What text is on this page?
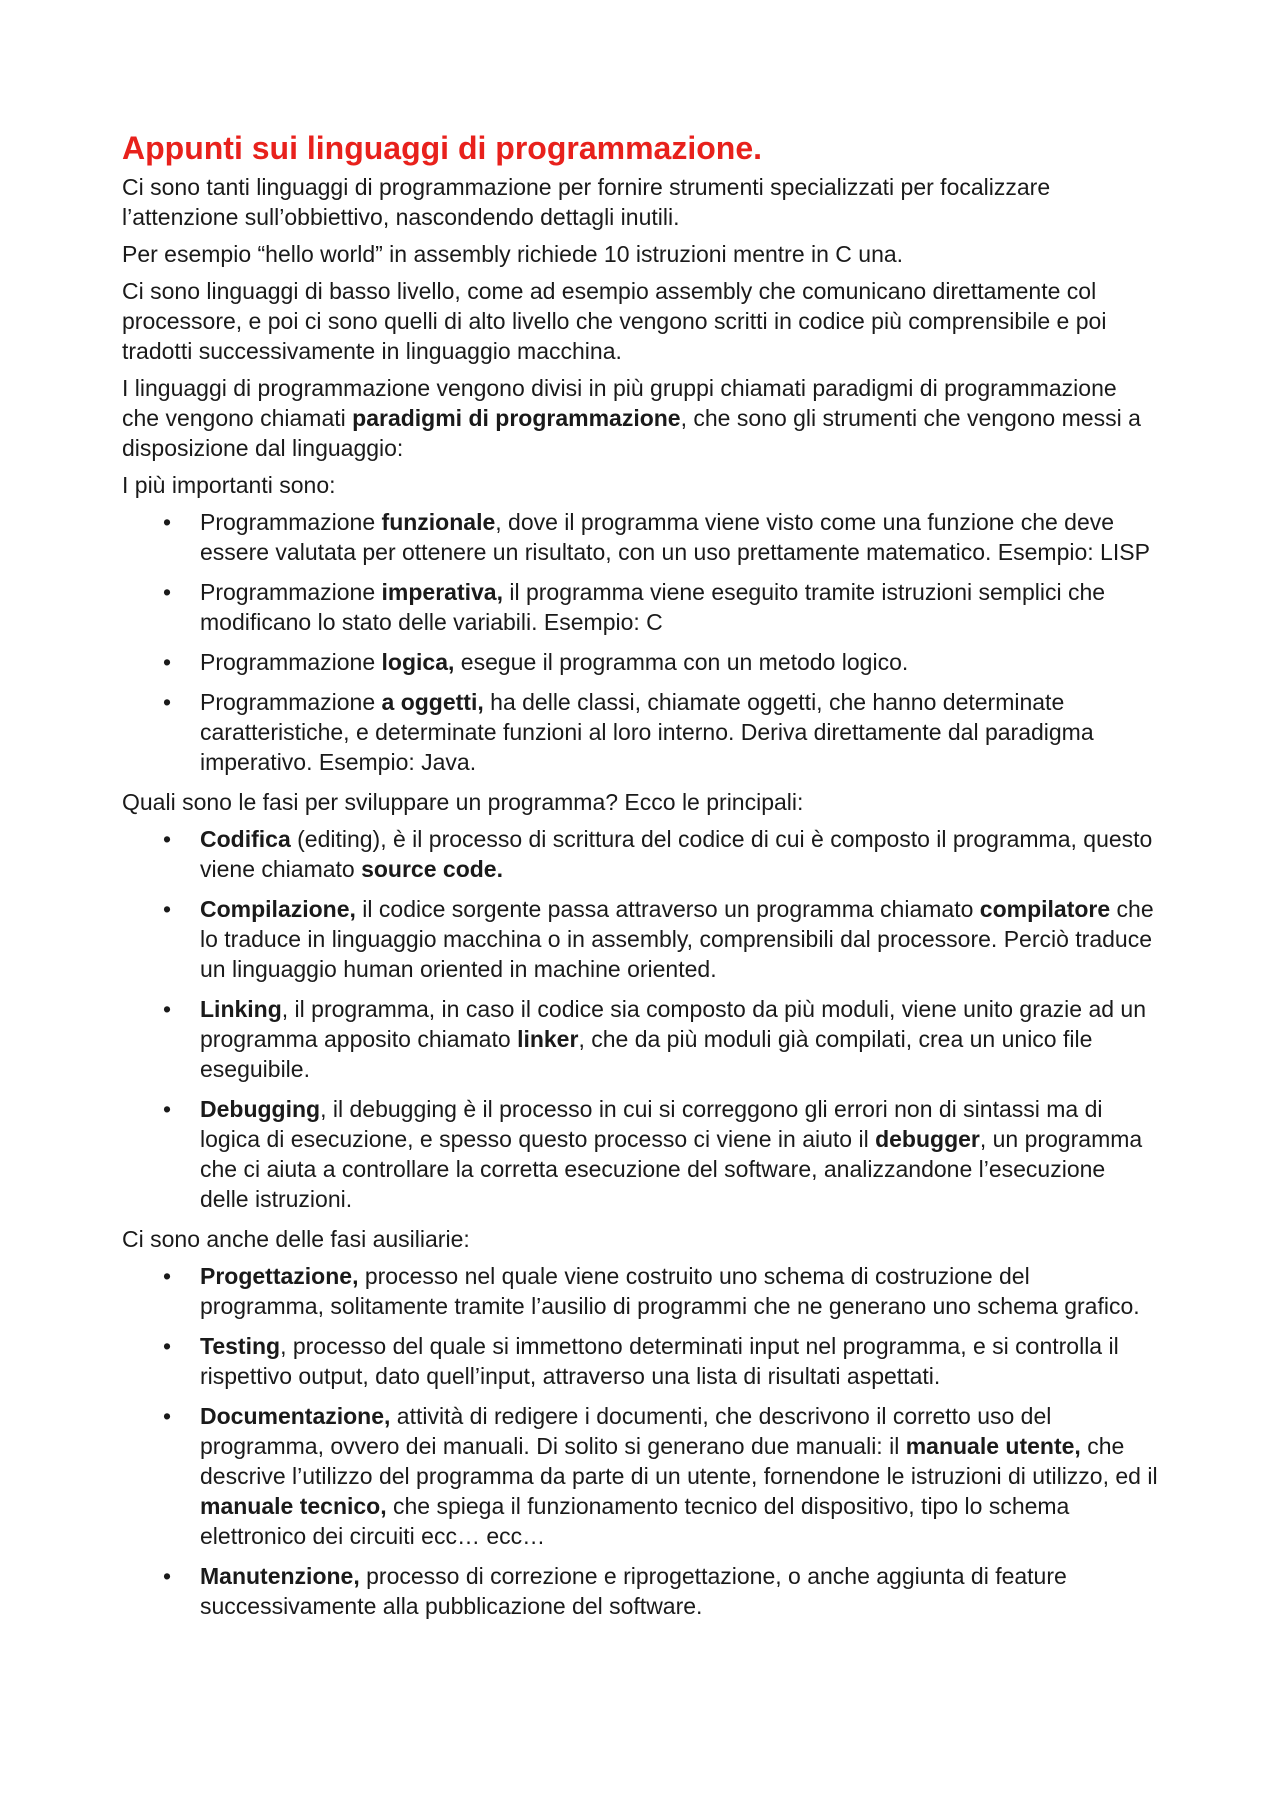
Appunti sui linguaggi di programmazione.

Ci sono tanti linguaggi di programmazione per fornire strumenti specializzati per focalizzare l’attenzione sull’obbiettivo, nascondendo dettagli inutili.

Per esempio “hello world” in assembly richiede 10 istruzioni mentre in C una.

Ci sono linguaggi di basso livello, come ad esempio assembly che comunicano direttamente col processore, e poi ci sono quelli di alto livello che vengono scritti in codice più comprensibile e poi tradotti successivamente in linguaggio macchina.

I linguaggi di programmazione vengono divisi in più gruppi chiamati paradigmi di programmazione che vengono chiamati paradigmi di programmazione, che sono gli strumenti che vengono messi a disposizione dal linguaggio:

I più importanti sono:

• Programmazione funzionale, dove il programma viene visto come una funzione che deve essere valutata per ottenere un risultato, con un uso prettamente matematico. Esempio: LISP
• Programmazione imperativa, il programma viene eseguito tramite istruzioni semplici che modificano lo stato delle variabili. Esempio: C
• Programmazione logica, esegue il programma con un metodo logico.
• Programmazione a oggetti, ha delle classi, chiamate oggetti, che hanno determinate caratteristiche, e determinate funzioni al loro interno. Deriva direttamente dal paradigma imperativo. Esempio: Java.

Quali sono le fasi per sviluppare un programma? Ecco le principali:

• Codifica (editing), è il processo di scrittura del codice di cui è composto il programma, questo viene chiamato source code.
• Compilazione, il codice sorgente passa attraverso un programma chiamato compilatore che lo traduce in linguaggio macchina o in assembly, comprensibili dal processore. Perciò traduce un linguaggio human oriented in machine oriented.
• Linking, il programma, in caso il codice sia composto da più moduli, viene unito grazie ad un programma apposito chiamato linker, che da più moduli già compilati, crea un unico file eseguibile.
• Debugging, il debugging è il processo in cui si correggono gli errori non di sintassi ma di logica di esecuzione, e spesso questo processo ci viene in aiuto il debugger, un programma che ci aiuta a controllare la corretta esecuzione del software, analizzandone l’esecuzione delle istruzioni.

Ci sono anche delle fasi ausiliarie:

• Progettazione, processo nel quale viene costruito uno schema di costruzione del programma, solitamente tramite l’ausilio di programmi che ne generano uno schema grafico.
• Testing, processo del quale si immettono determinati input nel programma, e si controlla il rispettivo output, dato quell’input, attraverso una lista di risultati aspettati.
• Documentazione, attività di redigere i documenti, che descrivono il corretto uso del programma, ovvero dei manuali. Di solito si generano due manuali: il manuale utente, che descrive l’utilizzo del programma da parte di un utente, fornendone le istruzioni di utilizzo, ed il manuale tecnico, che spiega il funzionamento tecnico del dispositivo, tipo lo schema elettronico dei circuiti ecc… ecc…
• Manutenzione, processo di correzione e riprogettazione, o anche aggiunta di feature successivamente alla pubblicazione del software.
